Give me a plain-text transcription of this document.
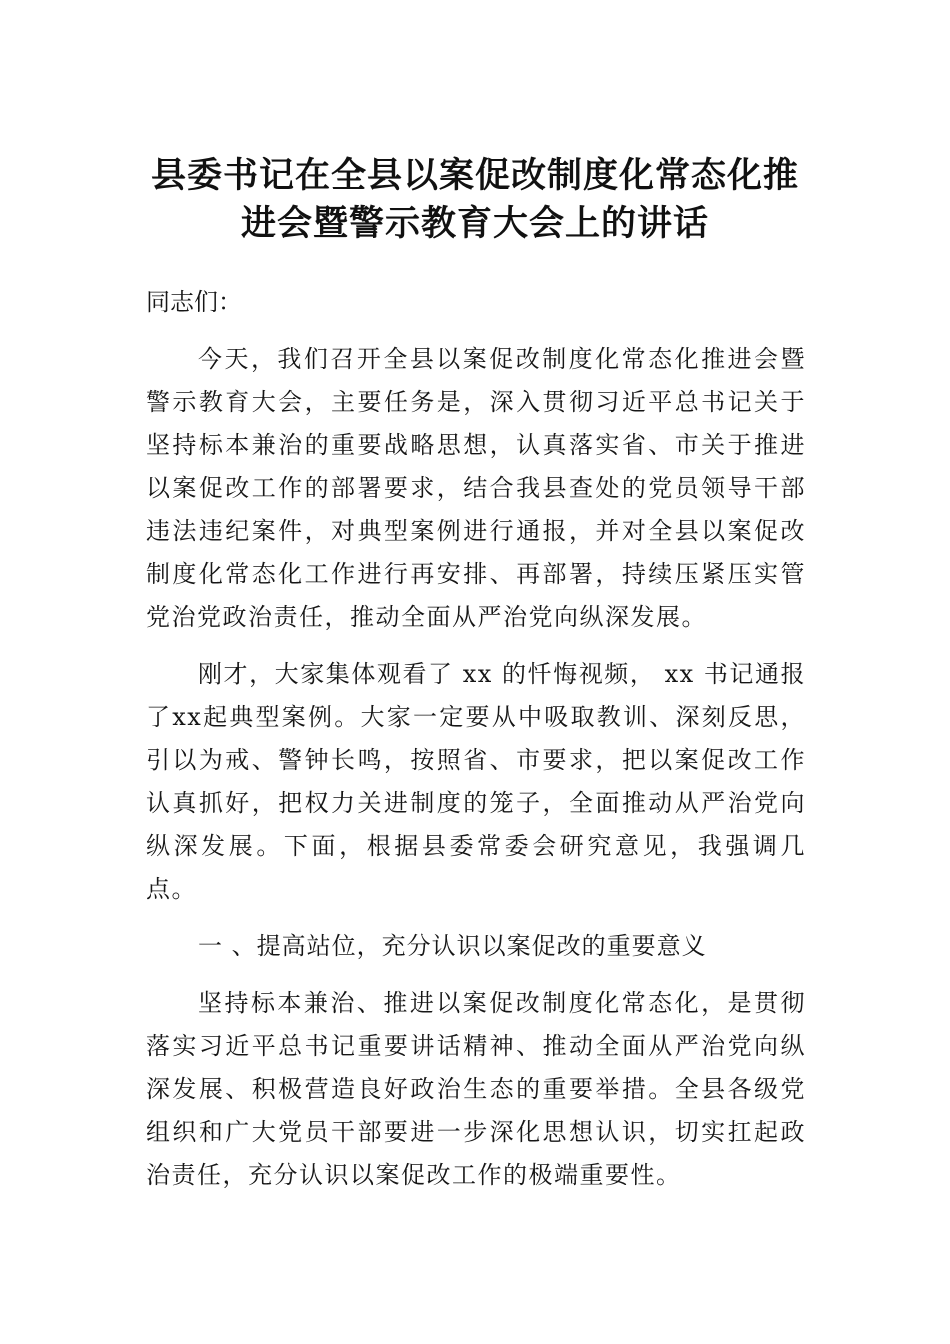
县委书记在全县以案促改制度化常态化推
进会暨警示教育大会上的讲话

同志们：

今天，我们召开全县以案促改制度化常态化推进会暨警示教育大会，主要任务是，深入贯彻习近平总书记关于坚持标本兼治的重要战略思想，认真落实省、市关于推进以案促改工作的部署要求，结合我县查处的党员领导干部违法违纪案件，对典型案例进行通报，并对全县以案促改制度化常态化工作进行再安排、再部署，持续压紧压实管党治党政治责任，推动全面从严治党向纵深发展。

刚才，大家集体观看了 xx 的忏悔视频， xx 书记通报了xx起典型案例。大家一定要从中吸取教训、深刻反思，引以为戒、警钟长鸣，按照省、市要求，把以案促改工作认真抓好，把权力关进制度的笼子，全面推动从严治党向纵深发展。下面，根据县委常委会研究意见，我强调几点。

一 、提高站位，充分认识以案促改的重要意义

坚持标本兼治、推进以案促改制度化常态化，是贯彻落实习近平总书记重要讲话精神、推动全面从严治党向纵深发展、积极营造良好政治生态的重要举措。全县各级党组织和广大党员干部要进一步深化思想认识，切实扛起政治责任，充分认识以案促改工作的极端重要性。
